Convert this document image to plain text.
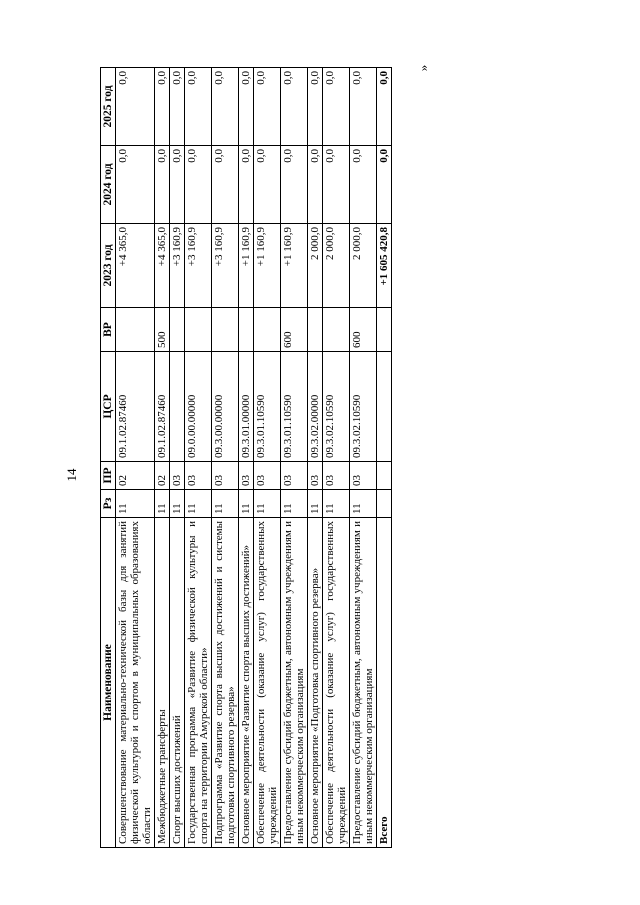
14
Наименование	Рз	ПР	ЦСР	ВР	2023 год	2024 год	2025 год
Совершенствование материально-технической базы для занятий физической культурой и спортом в муниципальных образованиях области	11	02	09.1.02.87460		+4 365,0	0,0	0,0
Межбюджетные трансферты	11	02	09.1.02.87460	500	+4 365,0	0,0	0,0
Спорт высших достижений	11	03			+3 160,9	0,0	0,0
Государственная программа «Развитие физической культуры и спорта на территории Амурской области»	11	03	09.0.00.00000		+3 160,9	0,0	0,0
Подпрограмма «Развитие спорта высших достижений и системы подготовки спортивного резерва»	11	03	09.3.00.00000		+3 160,9	0,0	0,0
Основное мероприятие «Развитие спорта высших достижений»	11	03	09.3.01.00000		+1 160,9	0,0	0,0
Обеспечение деятельности (оказание услуг) государственных учреждений	11	03	09.3.01.10590		+1 160,9	0,0	0,0
Предоставление субсидий бюджетным, автономным учреждениям и иным некоммерческим организациям	11	03	09.3.01.10590	600	+1 160,9	0,0	0,0
Основное мероприятие «Подготовка спортивного резерва»	11	03	09.3.02.00000		2 000,0	0,0	0,0
Обеспечение деятельности (оказание услуг) государственных учреждений	11	03	09.3.02.10590		2 000,0	0,0	0,0
Предоставление субсидий бюджетным, автономным учреждениям и иным некоммерческим организациям	11	03	09.3.02.10590	600	2 000,0	0,0	0,0
Всего					+1 605 420,8	0,0	0,0
»
